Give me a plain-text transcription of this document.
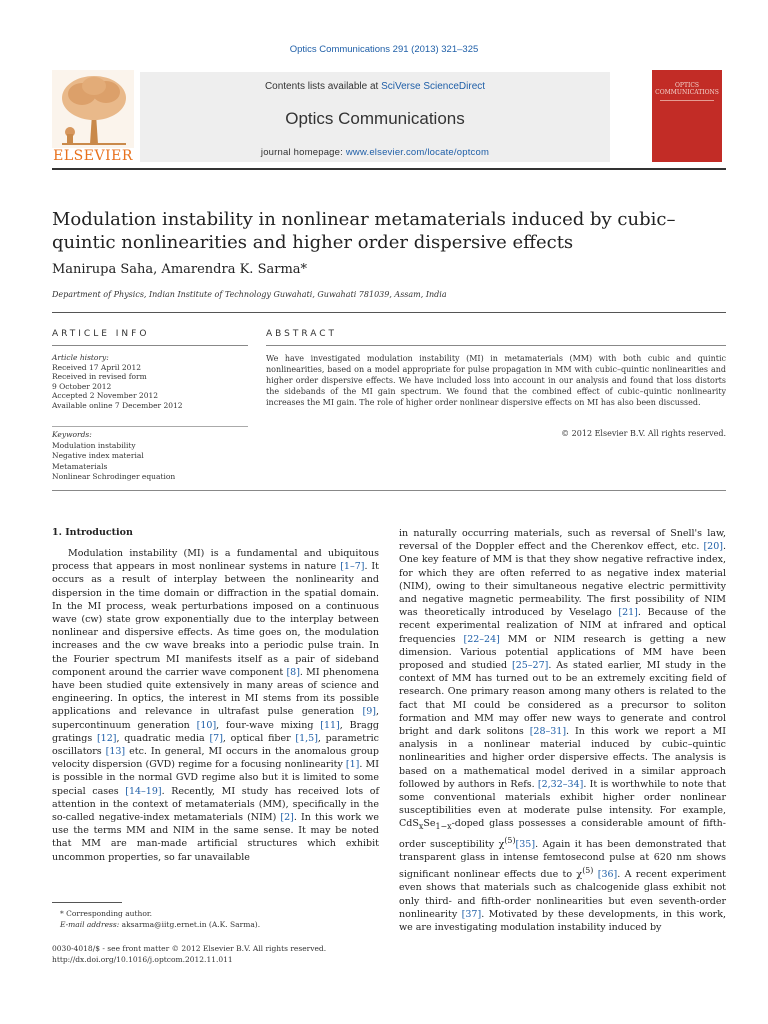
Optics Communications 291 (2013) 321–325
ELSEVIER
Contents lists available at SciVerse ScienceDirect
Optics Communications
journal homepage: www.elsevier.com/locate/optcom
OPTICS COMMUNICATIONS
Modulation instability in nonlinear metamaterials induced by cubic–quintic nonlinearities and higher order dispersive effects
Manirupa Saha, Amarendra K. Sarma*
Department of Physics, Indian Institute of Technology Guwahati, Guwahati 781039, Assam, India
ARTICLE INFO	ABSTRACT
Article history:
Received 17 April 2012
Received in revised form
9 October 2012
Accepted 2 November 2012
Available online 7 December 2012
Keywords:
Modulation instability
Negative index material
Metamaterials
Nonlinear Schrodinger equation
We have investigated modulation instability (MI) in metamaterials (MM) with both cubic and quintic nonlinearities, based on a model appropriate for pulse propagation in MM with cubic–quintic nonlinearities and higher order dispersive effects. We have included loss into account in our analysis and found that loss distorts the sidebands of the MI gain spectrum. We found that the combined effect of cubic–quintic nonlinearity increases the MI gain. The role of higher order nonlinear dispersive effects on MI has also been discussed.
© 2012 Elsevier B.V. All rights reserved.
1. Introduction

Modulation instability (MI) is a fundamental and ubiquitous process that appears in most nonlinear systems in nature [1–7]. It occurs as a result of interplay between the nonlinearity and dispersion in the time domain or diffraction in the spatial domain. In the MI process, weak perturbations imposed on a continuous wave (cw) state grow exponentially due to the interplay between nonlinear and dispersive effects. As time goes on, the modulation increases and the cw wave breaks into a periodic pulse train. In the Fourier spectrum MI manifests itself as a pair of sideband component around the carrier wave component [8]. MI phenomena have been studied quite extensively in many areas of science and engineering. In optics, the interest in MI stems from its possible applications and relevance in ultrafast pulse generation [9], supercontinuum generation [10], four-wave mixing [11], Bragg gratings [12], quadratic media [7], optical fiber [1,5], parametric oscillators [13] etc. In general, MI occurs in the anomalous group velocity dispersion (GVD) regime for a focusing nonlinearity [1]. MI is possible in the normal GVD regime also but it is limited to some special cases [14–19]. Recently, MI study has received lots of attention in the context of metamaterials (MM), specifically in the so-called negative-index metamaterials (NIM) [2]. In this work we use the terms MM and NIM in the same sense. It may be noted that MM are man-made artificial structures which exhibit uncommon properties, so far unavailable

in naturally occurring materials, such as reversal of Snell's law, reversal of the Doppler effect and the Cherenkov effect, etc. [20]. One key feature of MM is that they show negative refractive index, for which they are often referred to as negative index material (NIM), owing to their simultaneous negative electric permittivity and negative magnetic permeability. The first possibility of NIM was theoretically introduced by Veselago [21]. Because of the recent experimental realization of NIM at infrared and optical frequencies [22–24] MM or NIM research is getting a new dimension. Various potential applications of MM have been proposed and studied [25–27]. As stated earlier, MI study in the context of MM has turned out to be an extremely exciting field of research. One primary reason among many others is related to the fact that MI could be considered as a precursor to soliton formation and MM may offer new ways to generate and control bright and dark solitons [28–31]. In this work we report a MI analysis in a nonlinear material induced by cubic–quintic nonlinearities and higher order dispersive effects. The analysis is based on a mathematical model derived in a similar approach followed by authors in Refs. [2,32–34]. It is worthwhile to note that some conventional materials exhibit higher order nonlinear susceptibilities even at moderate pulse intensity. For example, $CdS_xSe_{1-x}$-doped glass possesses a considerable amount of fifth-order susceptibility $\chi^{(5)}[35]$. Again it has been demonstrated that transparent glass in intense femtosecond pulse at 620 nm shows significant nonlinear effects due to $\chi^{(5)}$ [36]. A recent experiment even shows that materials such as chalcogenide glass exhibit not only third- and fifth-order nonlinearities but even seventh-order nonlinearity [37]. Motivated by these developments, in this work, we are investigating modulation instability induced by

* Corresponding author.
E-mail address: aksarma@iitg.ernet.in (A.K. Sarma).
0030-4018/$ - see front matter © 2012 Elsevier B.V. All rights reserved.
http://dx.doi.org/10.1016/j.optcom.2012.11.011
